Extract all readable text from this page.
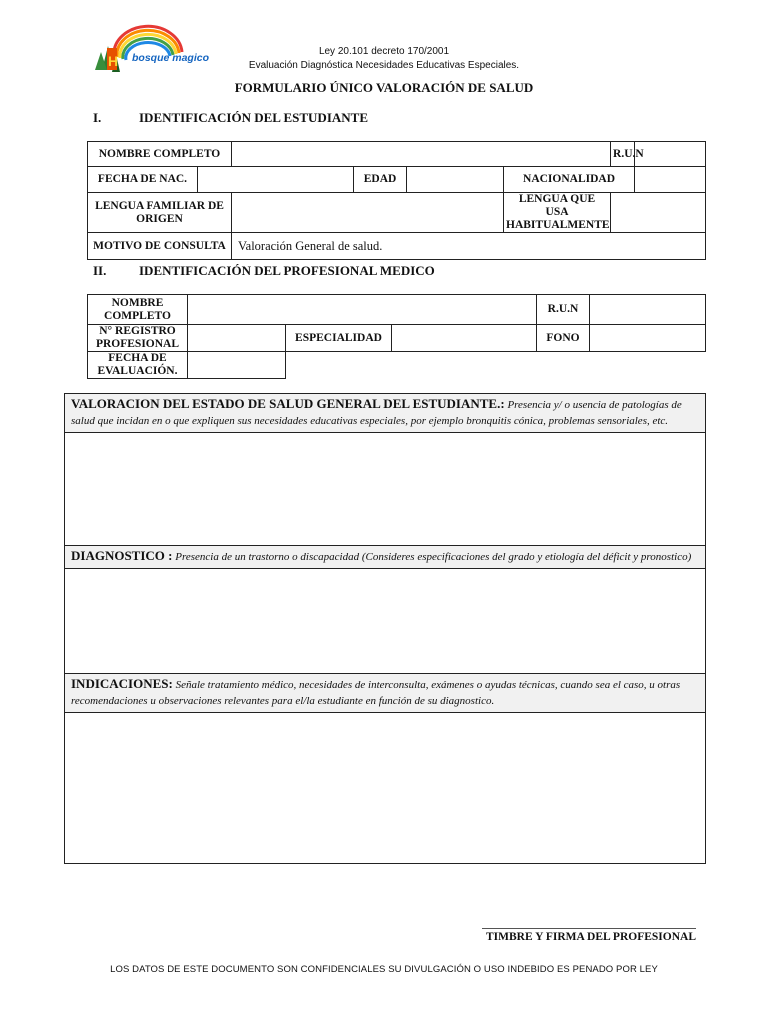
H bosque magico
Ley 20.101 decreto 170/2001
Evaluación Diagnóstica Necesidades Educativas Especiales.
FORMULARIO ÚNICO VALORACIÓN DE SALUD
I.	IDENTIFICACIÓN DEL ESTUDIANTE
NOMBRE COMPLETO						R.U.N	
FECHA DE NAC.			EDAD		NACIONALIDAD		
LENGUA FAMILIAR DE ORIGEN					LENGUA QUE USA HABITUALMENTE		
MOTIVO DE CONSULTA		Valoración General de salud.					
II.	IDENTIFICACIÓN DEL PROFESIONAL MEDICO
NOMBRE COMPLETO				R.U.N	
N° REGISTRO PROFESIONAL		ESPECIALIDAD		FONO	
FECHA DE EVALUACIÓN.					
VALORACION DEL ESTADO DE SALUD GENERAL DEL ESTUDIANTE.: Presencia y/ o usencia de patologías de salud que incidan en o que expliquen sus necesidades educativas especiales, por ejemplo bronquitis cónica, problemas sensoriales, etc.
DIAGNOSTICO : Presencia de un trastorno o discapacidad (Consideres especificaciones del grado y etiología del déficit y pronostico)
INDICACIONES: Señale tratamiento médico, necesidades de interconsulta, exámenes o ayudas técnicas, cuando sea el caso, u otras recomendaciones u observaciones relevantes para el/la estudiante en función de su diagnostico.
TIMBRE Y FIRMA DEL PROFESIONAL
LOS DATOS DE ESTE DOCUMENTO SON CONFIDENCIALES SU DIVULGACIÓN O USO INDEBIDO ES PENADO POR LEY
